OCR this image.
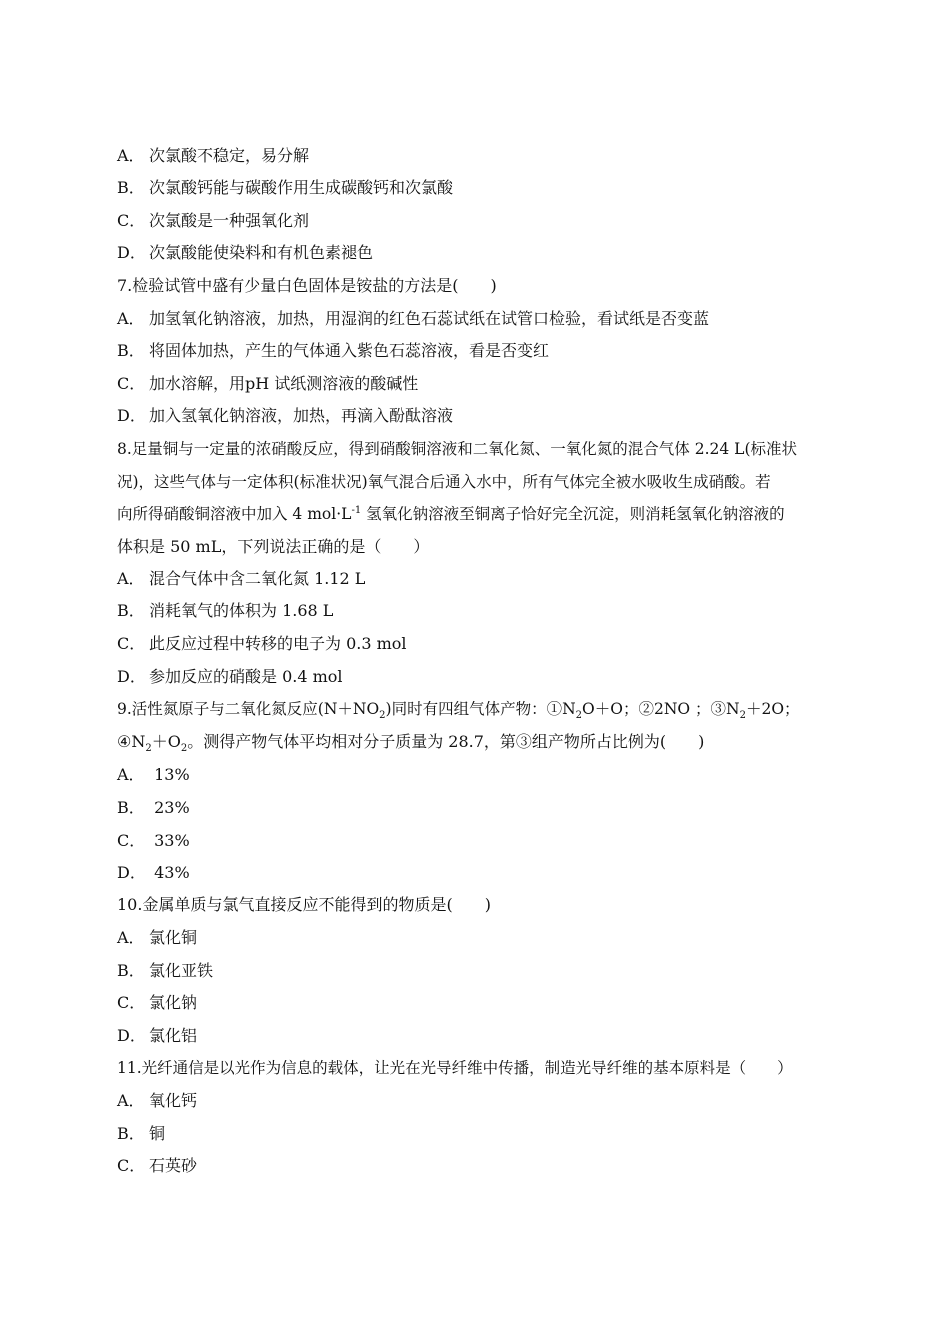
A． 次氯酸不稳定，易分解
B． 次氯酸钙能与碳酸作用生成碳酸钙和次氯酸
C． 次氯酸是一种强氧化剂
D． 次氯酸能使染料和有机色素褪色
7.检验试管中盛有少量白色固体是铵盐的方法是(　　)
A． 加氢氧化钠溶液，加热，用湿润的红色石蕊试纸在试管口检验，看试纸是否变蓝
B． 将固体加热，产生的气体通入紫色石蕊溶液，看是否变红
C． 加水溶解，用pH 试纸测溶液的酸碱性
D． 加入氢氧化钠溶液，加热，再滴入酚酞溶液
8.足量铜与一定量的浓硝酸反应，得到硝酸铜溶液和二氧化氮、一氧化氮的混合气体 2.24 L(标准状
况)，这些气体与一定体积(标准状况)氧气混合后通入水中，所有气体完全被水吸收生成硝酸。若
向所得硝酸铜溶液中加入 4 $mol\cdot L^{-1}$ 氢氧化钠溶液至铜离子恰好完全沉淀，则消耗氢氧化钠溶液的
体积是 50 mL，下列说法正确的是（　　）
A． 混合气体中含二氧化氮 1.12 L
B． 消耗氧气的体积为 1.68 L
C． 此反应过程中转移的电子为 0.3 mol
D． 参加反应的硝酸是 0.4 mol
9.活性氮原子与二氧化氮反应$(N+NO_2)$同时有四组气体产物：$①N_2O+O$；②2NO ；$③N_2+2O$；
$④N_2+O_2$。测得产物气体平均相对分子质量为 28.7，第③组产物所占比例为(　　)
A． 13%
B． 23%
C． 33%
D． 43%
10.金属单质与氯气直接反应不能得到的物质是(　　)
A． 氯化铜
B． 氯化亚铁
C． 氯化钠
D． 氯化铝
11.光纤通信是以光作为信息的载体，让光在光导纤维中传播，制造光导纤维的基本原料是（　　）
A． 氧化钙
B． 铜
C． 石英砂
